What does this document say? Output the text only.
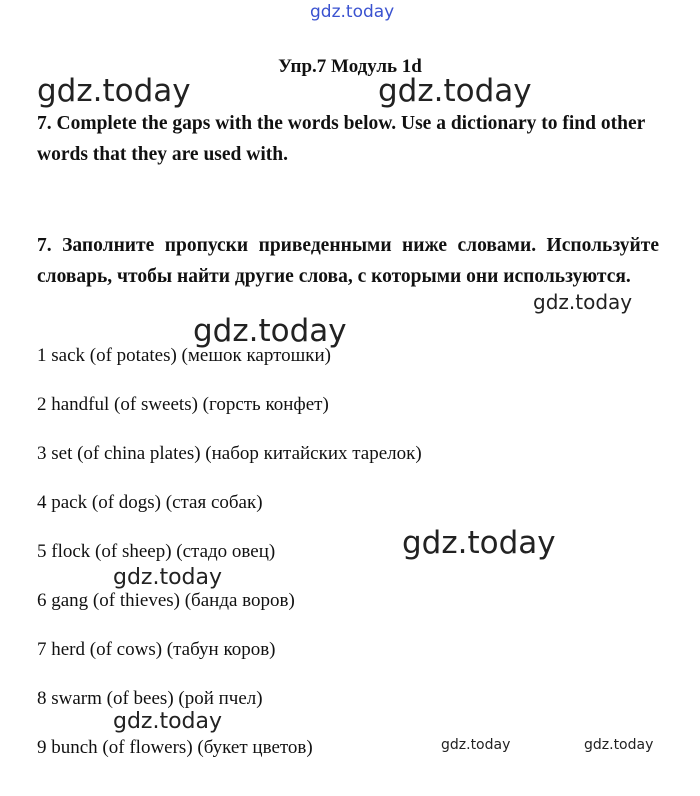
gdz.today
Упр.7 Модуль 1d
gdz.today	gdz.today

7. Complete the gaps with the words below. Use a dictionary to find other words that they are used with.

7. Заполните пропуски приведенными ниже словами. Используйте словарь, чтобы найти другие слова, с которыми они используются.

gdz.today
gdz.today
1 sack (of potates) (мешок картошки)
2 handful (of sweets) (горсть конфет)
3 set (of china plates) (набор китайских тарелок)
4 pack (of dogs) (стая собак)
5 flock (of sheep) (стадо овец)
6 gang (of thieves) (банда воров)
7 herd (of cows) (табун коров)
8 swarm (of bees) (рой пчел)
9 bunch (of flowers) (букет цветов)
gdz.today
gdz.today
gdz.today
gdz.today	gdz.today
